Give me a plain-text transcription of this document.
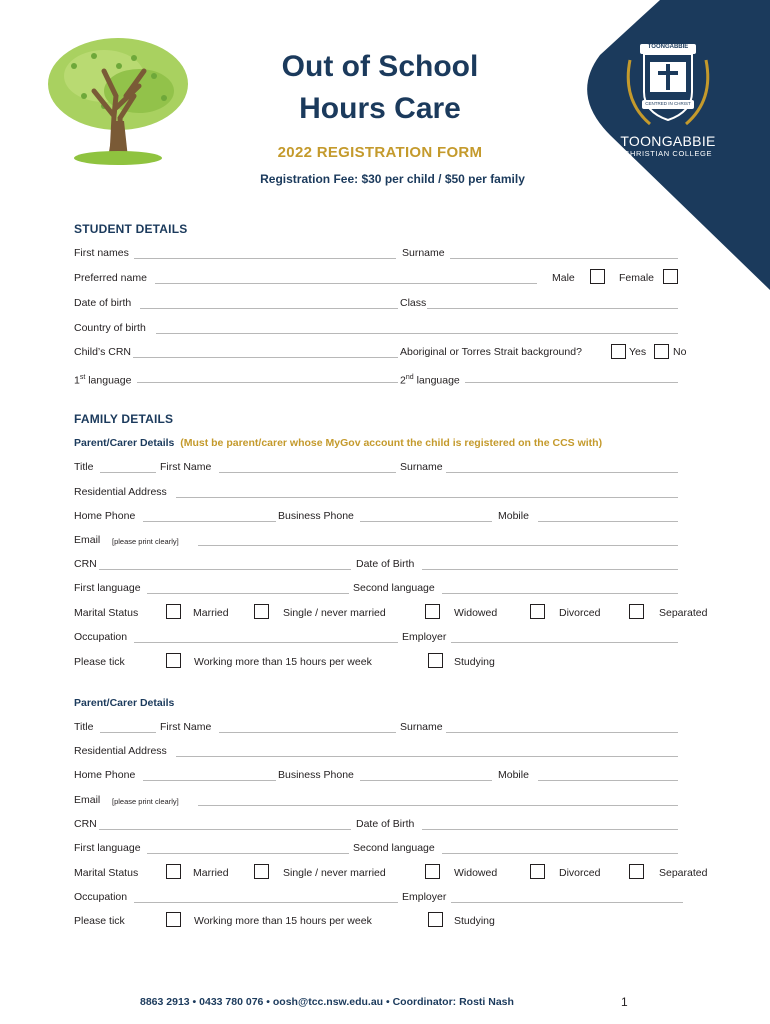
Out of School
Hours Care
2022 REGISTRATION FORM
Registration Fee: $30 per child / $50 per family
TOONGABBIE
CENTRED IN CHRIST
TOONGABBIE
CHRISTIAN COLLEGE
STUDENT DETAILS
First names	Surname
Preferred name	Male	Female
Date of birth	Class
Country of birth
Child’s CRN	Aboriginal or Torres Strait background?	Yes	No
1st language	2nd language
FAMILY DETAILS
Parent/Carer Details (Must be parent/carer whose MyGov account the child is registered on the CCS with)
Title	First Name	Surname
Residential Address
Home Phone	Business Phone	Mobile
Email [please print clearly]
CRN	Date of Birth
First language	Second language
Marital Status	Married	Single / never married	Widowed	Divorced	Separated
Occupation	Employer
Please tick	Working more than 15 hours per week	Studying
Parent/Carer Details
Title	First Name	Surname
Residential Address
Home Phone	Business Phone	Mobile
Email [please print clearly]
CRN	Date of Birth
First language	Second language
Marital Status	Married	Single / never married	Widowed	Divorced	Separated
Occupation	Employer
Please tick	Working more than 15 hours per week	Studying
8863 2913 • 0433 780 076 • oosh@tcc.nsw.edu.au • Coordinator: Rosti Nash	1
